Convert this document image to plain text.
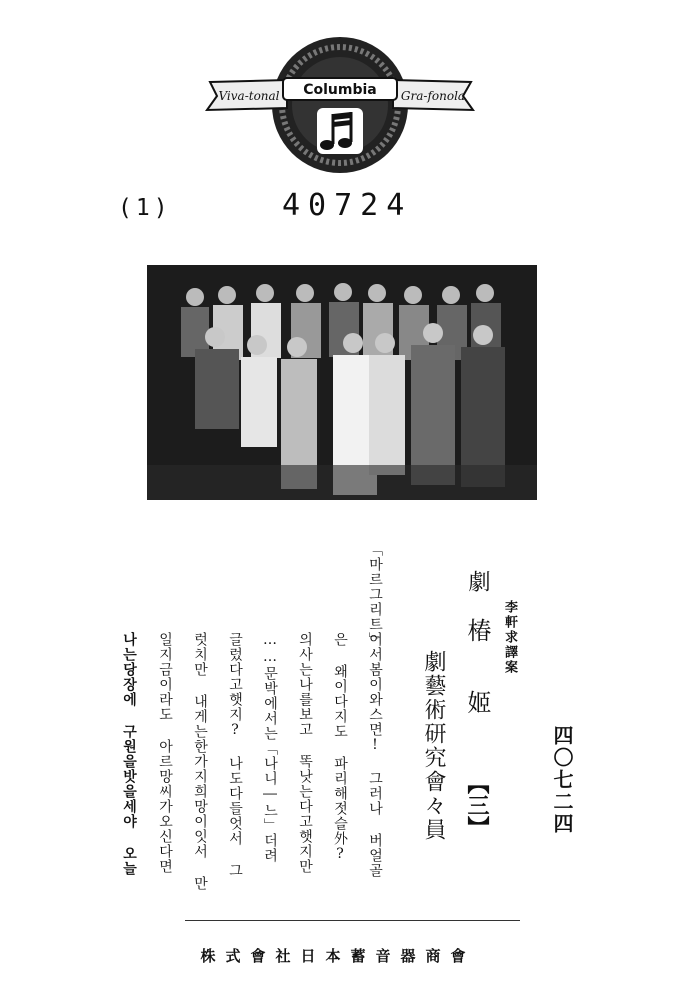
Viva-tonal	Gra-fonola
Columbia
(1)	40724
四〇七二四
李軒求譯案
劇
椿 姬
【三】
劇藝術研究會々員
「마르그리트」
어서봄이와스면! 그러나 버얼골
은 왜이다지도 파리해젓슬外?
의사는나를보고 똑낫는다고햇지만
……문박에서는「나니―느」더려
글렀다고햇지? 나도다들엇서 그
럿치만 내게는한가지희망이잇서 만
일지금이라도 아르망씨가오신다면
나는당장에 구원을밧을세야 오늘
株式會社日本蓄音器商會
